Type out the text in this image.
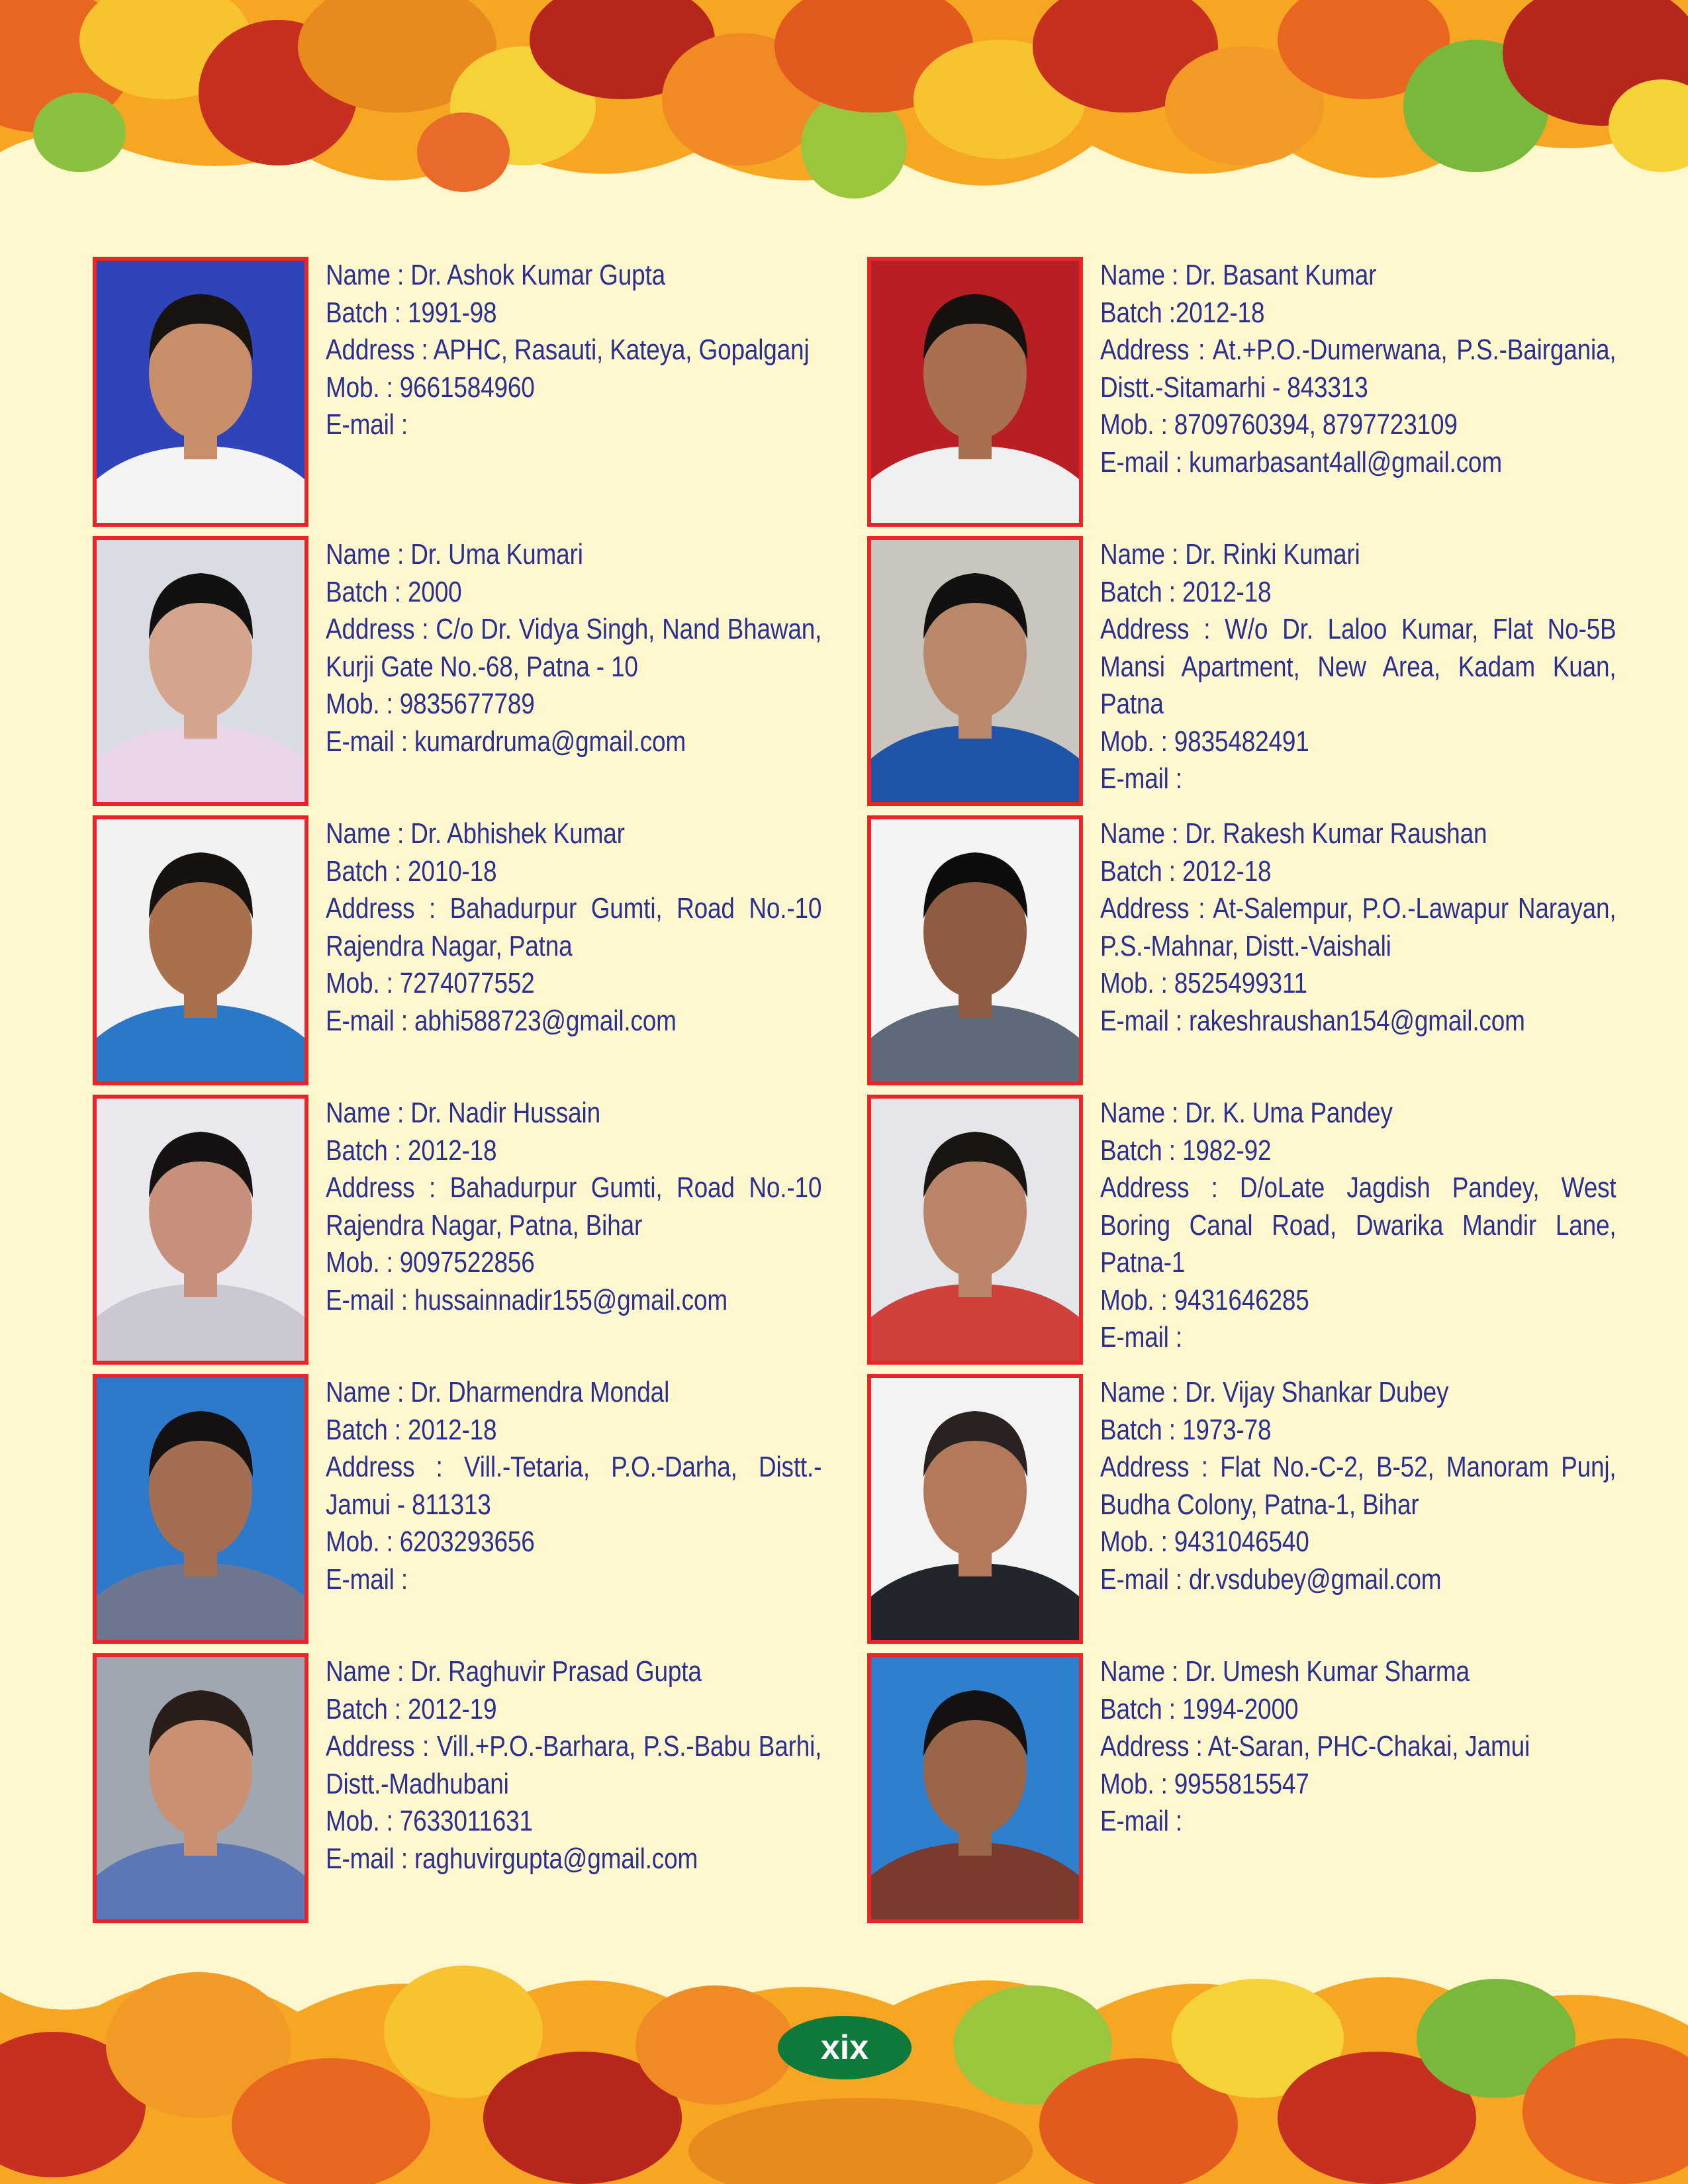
Name : Dr. Ashok Kumar Gupta
Batch : 1991-98
Address : APHC, Rasauti, Kateya, Gopalganj
Mob. : 9661584960
E-mail :
Name : Dr. Basant Kumar
Batch :2012-18
Address : At.+P.O.-Dumerwana, P.S.-Bairgania, Distt.-Sitamarhi - 843313
Mob. : 8709760394, 8797723109
E-mail : kumarbasant4all@gmail.com
Name : Dr. Uma Kumari
Batch : 2000
Address : C/o Dr. Vidya Singh, Nand Bhawan, Kurji Gate No.-68, Patna - 10
Mob. : 9835677789
E-mail : kumardruma@gmail.com
Name : Dr. Rinki Kumari
Batch : 2012-18
Address : W/o Dr. Laloo Kumar, Flat No-5B Mansi Apartment, New Area, Kadam Kuan, Patna
Mob. : 9835482491
E-mail :
Name : Dr. Abhishek Kumar
Batch : 2010-18
Address : Bahadurpur Gumti, Road No.-10 Rajendra Nagar, Patna
Mob. : 7274077552
E-mail : abhi588723@gmail.com
Name : Dr. Rakesh Kumar Raushan
Batch : 2012-18
Address : At-Salempur, P.O.-Lawapur Narayan, P.S.-Mahnar, Distt.-Vaishali
Mob. : 8525499311
E-mail : rakeshraushan154@gmail.com
Name : Dr. Nadir Hussain
Batch : 2012-18
Address : Bahadurpur Gumti, Road No.-10 Rajendra Nagar, Patna, Bihar
Mob. : 9097522856
E-mail : hussainnadir155@gmail.com
Name : Dr. K. Uma Pandey
Batch : 1982-92
Address : D/oLate Jagdish Pandey, West Boring Canal Road, Dwarika Mandir Lane, Patna-1
Mob. : 9431646285
E-mail :
Name : Dr. Dharmendra Mondal
Batch : 2012-18
Address : Vill.-Tetaria, P.O.-Darha, Distt.-Jamui - 811313
Mob. : 6203293656
E-mail :
Name : Dr. Vijay Shankar Dubey
Batch : 1973-78
Address : Flat No.-C-2, B-52, Manoram Punj, Budha Colony, Patna-1, Bihar
Mob. : 9431046540
E-mail : dr.vsdubey@gmail.com
Name : Dr. Raghuvir Prasad Gupta
Batch : 2012-19
Address : Vill.+P.O.-Barhara, P.S.-Babu Barhi, Distt.-Madhubani
Mob. : 7633011631
E-mail : raghuvirgupta@gmail.com
Name : Dr. Umesh Kumar Sharma
Batch : 1994-2000
Address : At-Saran, PHC-Chakai, Jamui
Mob. : 9955815547
E-mail :
xix
